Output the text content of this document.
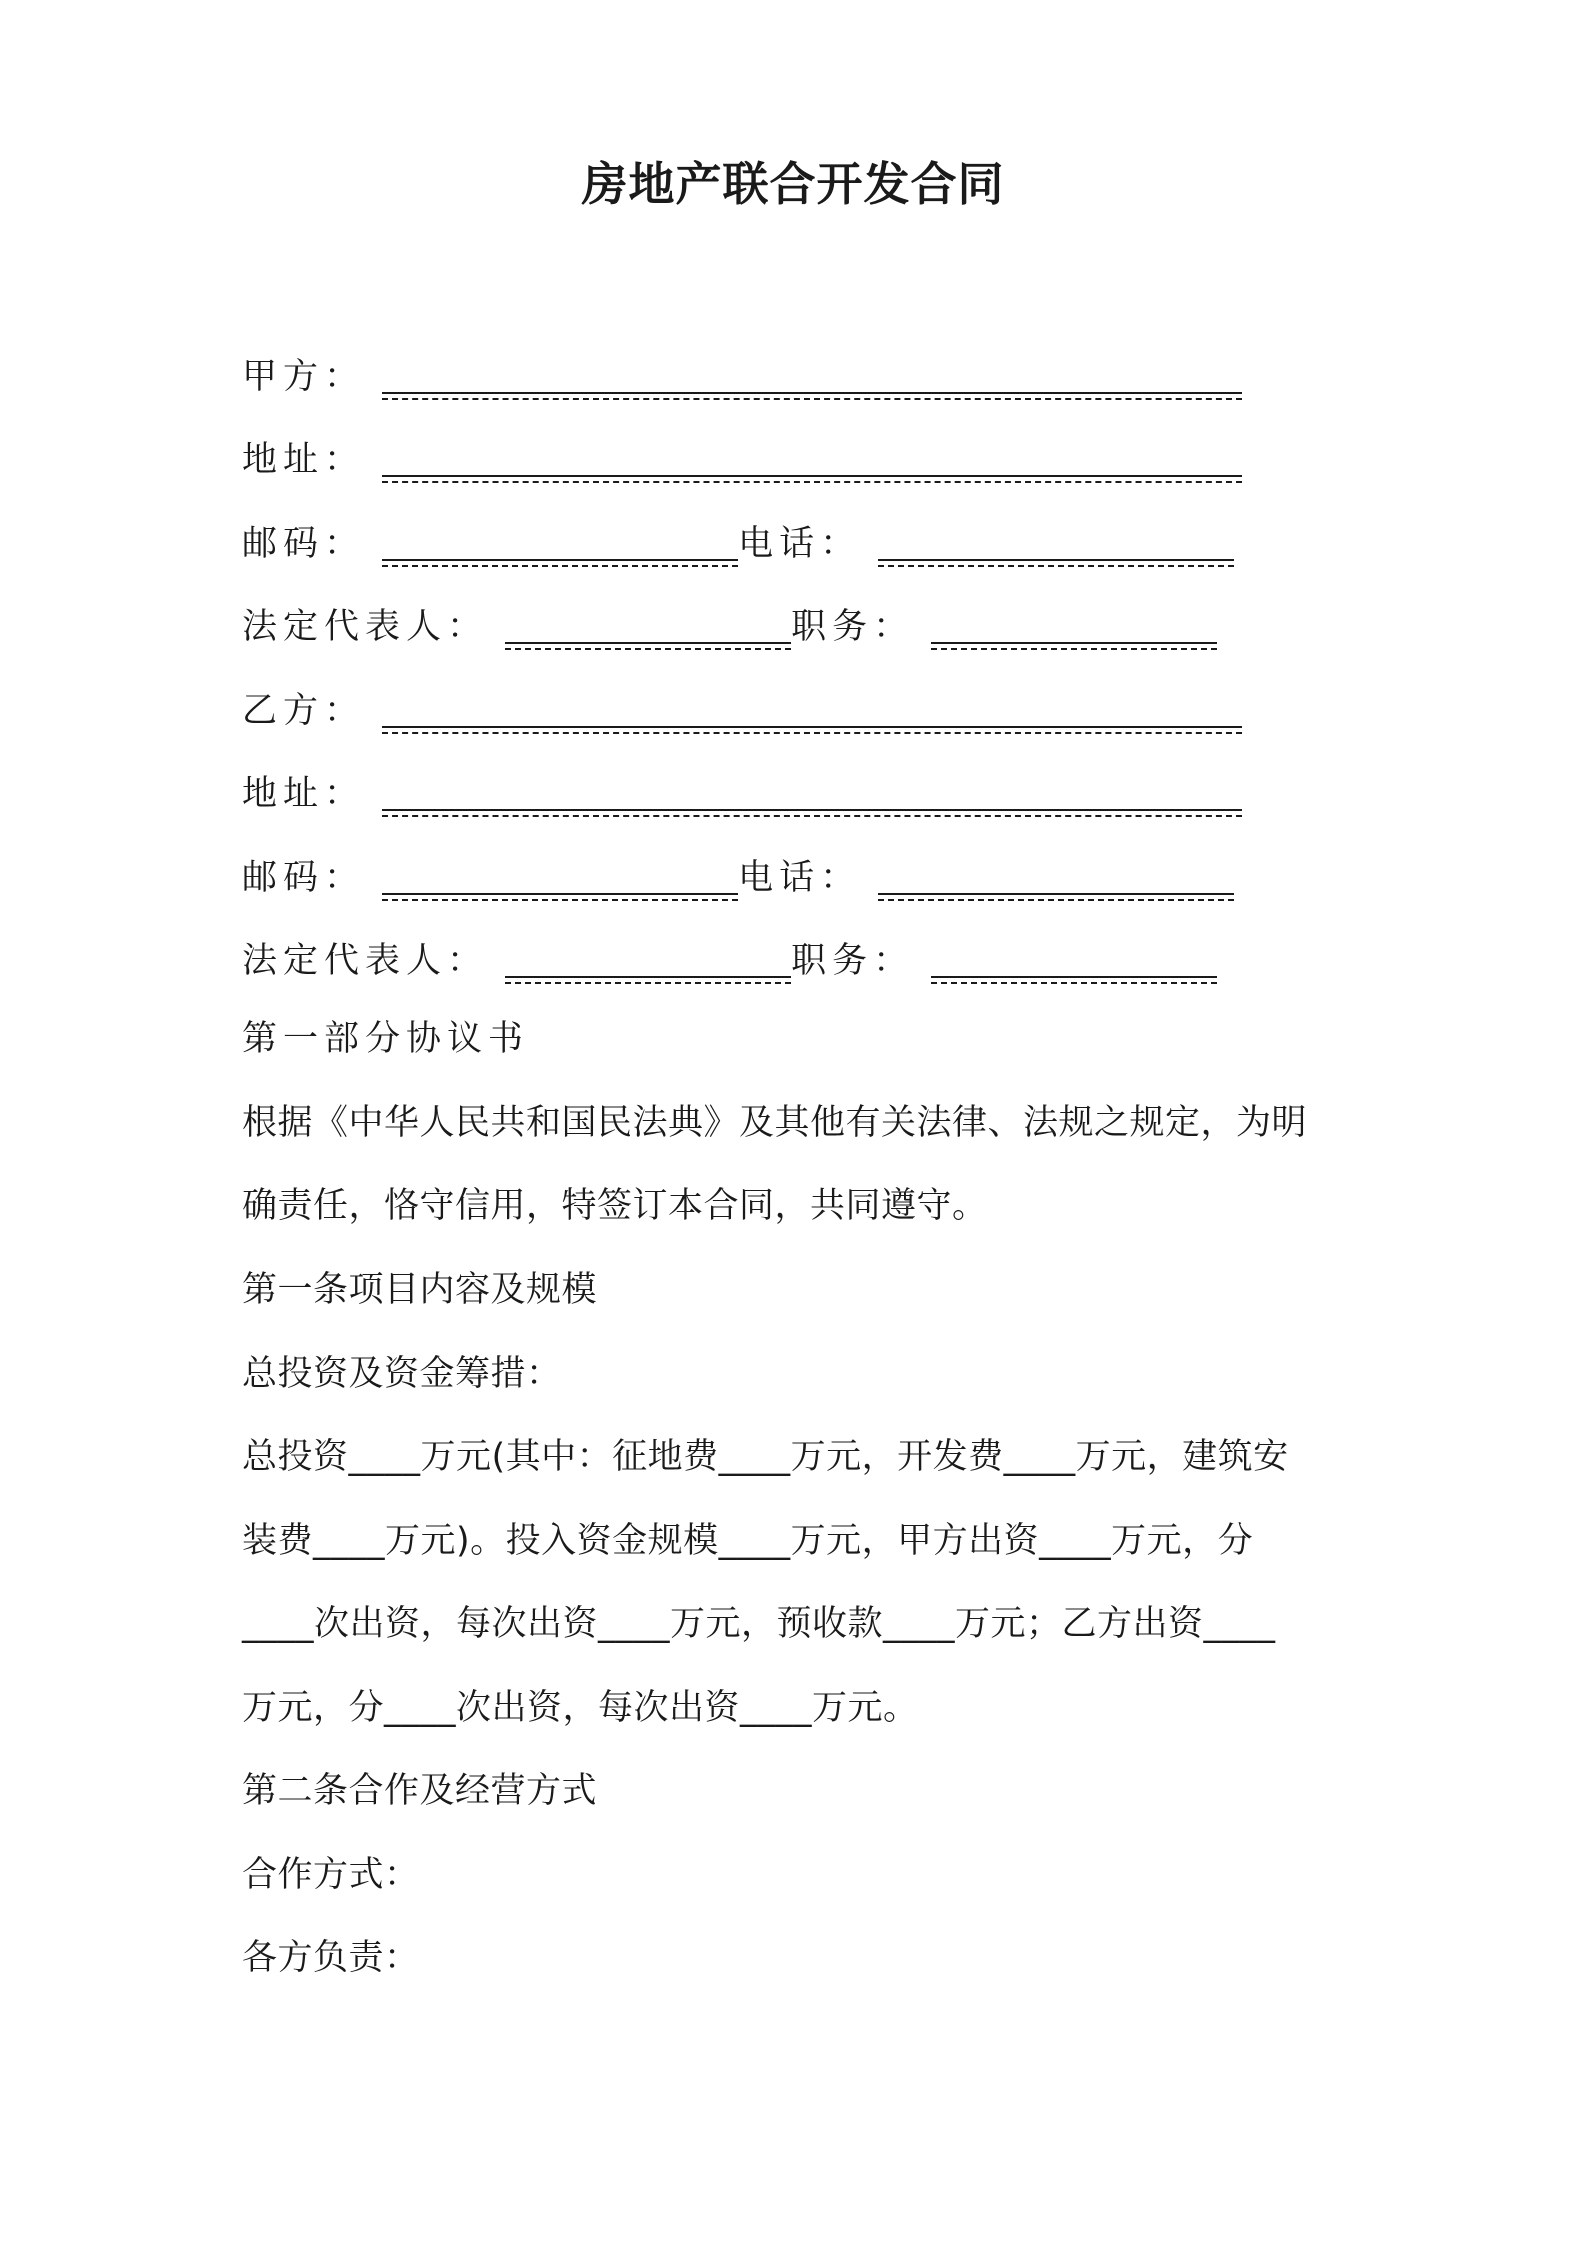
房地产联合开发合同
甲方：
地址：
邮码：	电话：
法定代表人：	职务：
乙方：
地址：
邮码：	电话：
法定代表人：	职务：
第一部分协议书
根据《中华人民共和国民法典》及其他有关法律、法规之规定，为明
确责任，恪守信用，特签订本合同，共同遵守。
第一条项目内容及规模
总投资及资金筹措：
总投资____万元(其中：征地费____万元，开发费____万元，建筑安
装费____万元)。投入资金规模____万元，甲方出资____万元，分
____次出资，每次出资____万元，预收款____万元；乙方出资____
万元，分____次出资，每次出资____万元。
第二条合作及经营方式
合作方式：
各方负责：
